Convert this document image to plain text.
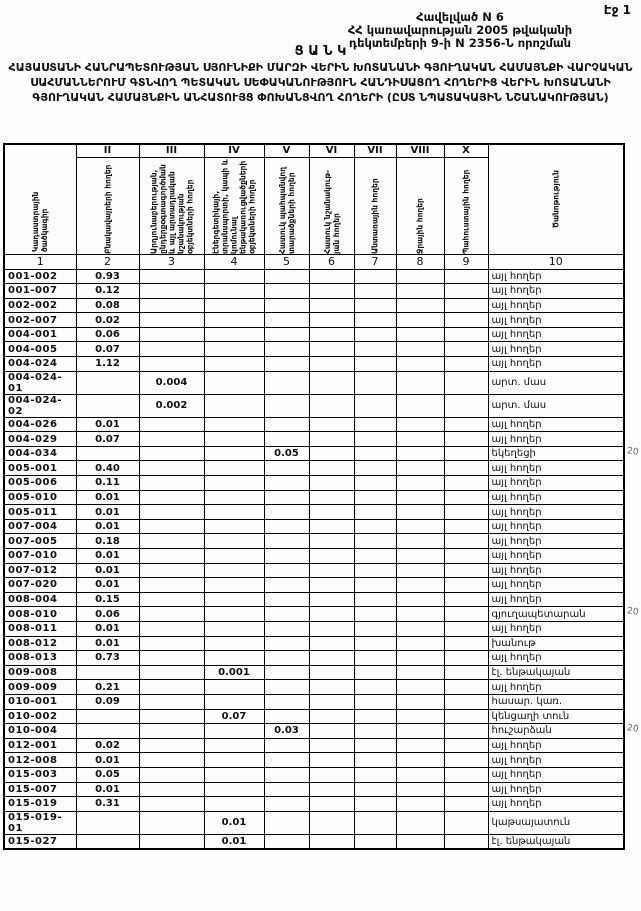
Էջ 1
Հավելված N 6
ՀՀ կառավարության 2005 թվականի
դեկտեմբերի 9-ի N 2356-Ն որոշման
Ց Ա Ն Կ
ՀԱՅԱՍՏԱՆԻ ՀԱՆՐԱՊԵՏՈՒԹՅԱՆ ՍՅՈՒՆԻՔԻ ՄԱՐԶԻ ՎԵՐԻՆ ԽՈՏԱՆԱՆԻ ԳՅՈՒՂԱԿԱՆ ՀԱՄԱՅՆՔԻ ՎԱՐՉԱԿԱՆ ՍԱՀՄԱՆՆԵՐՈՒՄ ԳՏՆՎՈՂ ՊԵՏԱԿԱՆ ՍԵՓԱԿԱՆՈՒԹՅՈՒՆ ՀԱՆԴԻՍԱՑՈՂ ՀՈՂԵՐԻՑ ՎԵՐԻՆ ԽՈՏԱՆԱՆԻ ԳՅՈՒՂԱԿԱՆ ՀԱՄԱՅՆՔԻՆ ԱՆՀԱՏՈՒՅՑ ՓՈԽԱՆՑՎՈՂ ՀՈՂԵՐԻ (ԸՍՏ ՆՊԱՏԱԿԱՅԻՆ ՆՇԱՆԱԿՈՒԹՅԱՆ)
Կադաստրային ծածկագիր	II	III	IV	V	VI	VII	VIII	X	Ծանոթություն

	Բնակավայրերի հողեր	Արդյունաբերության, ընդերքօգտագործման և այլ արտադրական նշանակության օբյեկտների հողեր	Էներգետիկայի, տրանսպորտի, կապի և կոմունալ ենթակառուցվածքների օբյեկտների հողեր	Հատուկ պահպանվող տարածքների հողեր	Հատուկ նշանակութ-յան հողեր	Անտառային հողեր	Ջրային հողեր	Պահուստային հողեր	

1	2	3	4	5	6	7	8	9	10
001-002	0.93								այլ հողեր
001-007	0.12								այլ հողեր
002-002	0.08								այլ հողեր
002-007	0.02								այլ հողեր
004-001	0.06								այլ հողեր
004-005	0.07								այլ հողեր
004-024	1.12								այլ հողեր
004-024-01		0.004							արտ. մաս
004-024-02		0.002							արտ. մաս
004-026	0.01								այլ հողեր
004-029	0.07								այլ հողեր
004-034				0.05					եկեղեցի 20

005-001	0.40								այլ հողեր
005-006	0.11								այլ հողեր
005-010	0.01								այլ հողեր
005-011	0.01								այլ հողեր
007-004	0.01								այլ հողեր
007-005	0.18								այլ հողեր
007-010	0.01								այլ հողեր
007-012	0.01								այլ հողեր
007-020	0.01								այլ հողեր
008-004	0.15								այլ հողեր
008-010	0.06								գյուղապետարան 20

008-011	0.01								այլ հողեր
008-012	0.01								խանութ
008-013	0.73								այլ հողեր
009-008			0.001						էլ. ենթակայան
009-009	0.21								այլ հողեր
010-001	0.09								հասար. կառ.
010-002			0.07						կենցաղի տուն
010-004				0.03					հուշարձան 20

012-001	0.02								այլ հողեր
012-008	0.01								այլ հողեր
015-003	0.05								այլ հողեր
015-007	0.01								այլ հողեր
015-019	0.31								այլ հողեր
015-019-01			0.01						կաթսայատուն
015-027			0.01						էլ. ենթակայան
